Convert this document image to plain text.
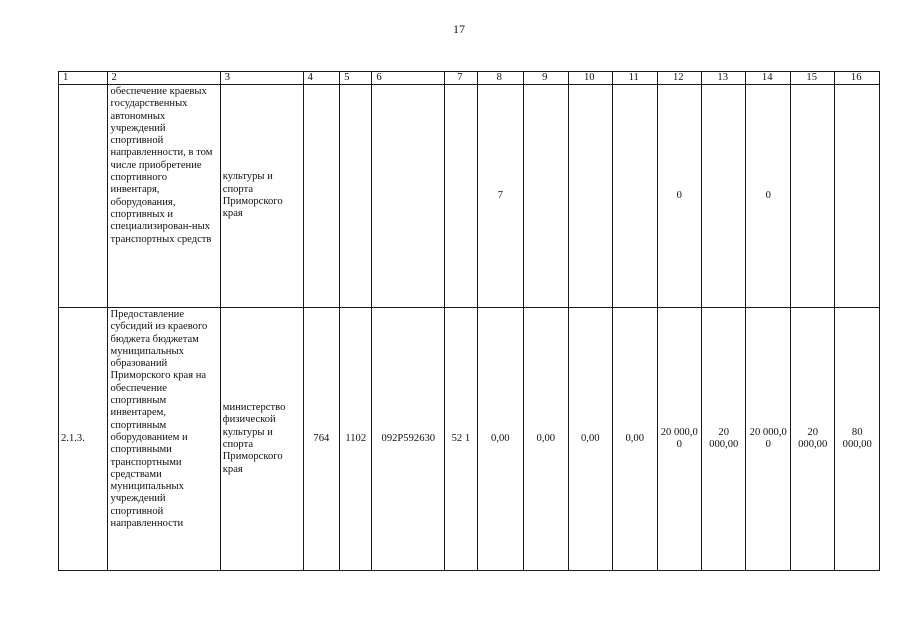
17
1	2	3	4	5	6	7	8	9	10	11	12	13	14	15	16
	обеспечение краевых государственных автономных учреждений спортивной направленности, в том числе приобретение спортивного инвентаря, оборудования, спортивных и специализирован-ных транспортных средств	культуры и спорта Приморского края					7				0		0		
2.1.3.	Предоставление субсидий из краевого бюджета бюджетам муниципальных образований Приморского края на обеспечение спортивным инвентарем, спортивным оборудованием и спортивными транспортными средствами муниципальных учреждений спортивной направленности	министерство физической культуры и спорта Приморского края	764	1102	092P592630	52 1	0,00	0,00	0,00	0,00	20 000,0 0	20 000,00	20 000,0 0	20 000,00	80 000,00
